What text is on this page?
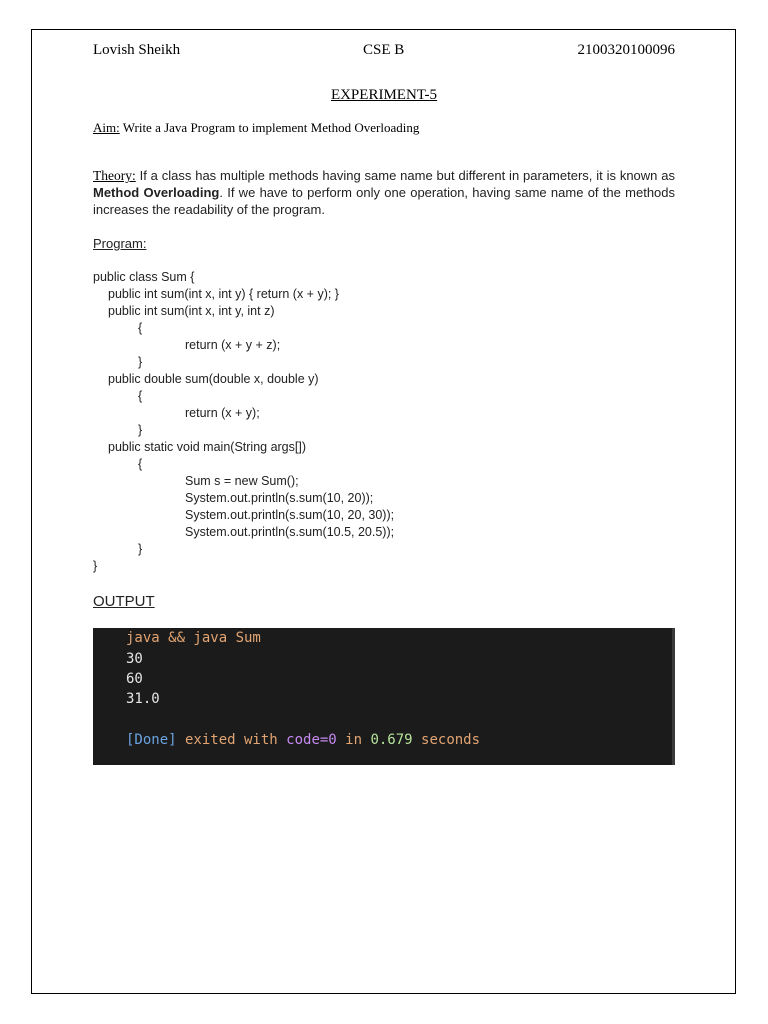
Lovish Sheikh	CSE B	2100320100096
EXPERIMENT-5
Aim: Write a Java Program to implement Method Overloading
Theory: If a class has multiple methods having same name but different in parameters, it is known as Method Overloading. If we have to perform only one operation, having same name of the methods increases the readability of the program.
Program:
public class Sum {
public int sum(int x, int y) { return (x + y); }
public int sum(int x, int y, int z)
{
return (x + y + z);
}
public double sum(double x, double y)
{
return (x + y);
}
public static void main(String args[])
{
Sum s = new Sum();
System.out.println(s.sum(10, 20));
System.out.println(s.sum(10, 20, 30));
System.out.println(s.sum(10.5, 20.5));
}
}
OUTPUT
java && java Sum
30
60
31.0
[Done] exited with code=0 in 0.679 seconds
